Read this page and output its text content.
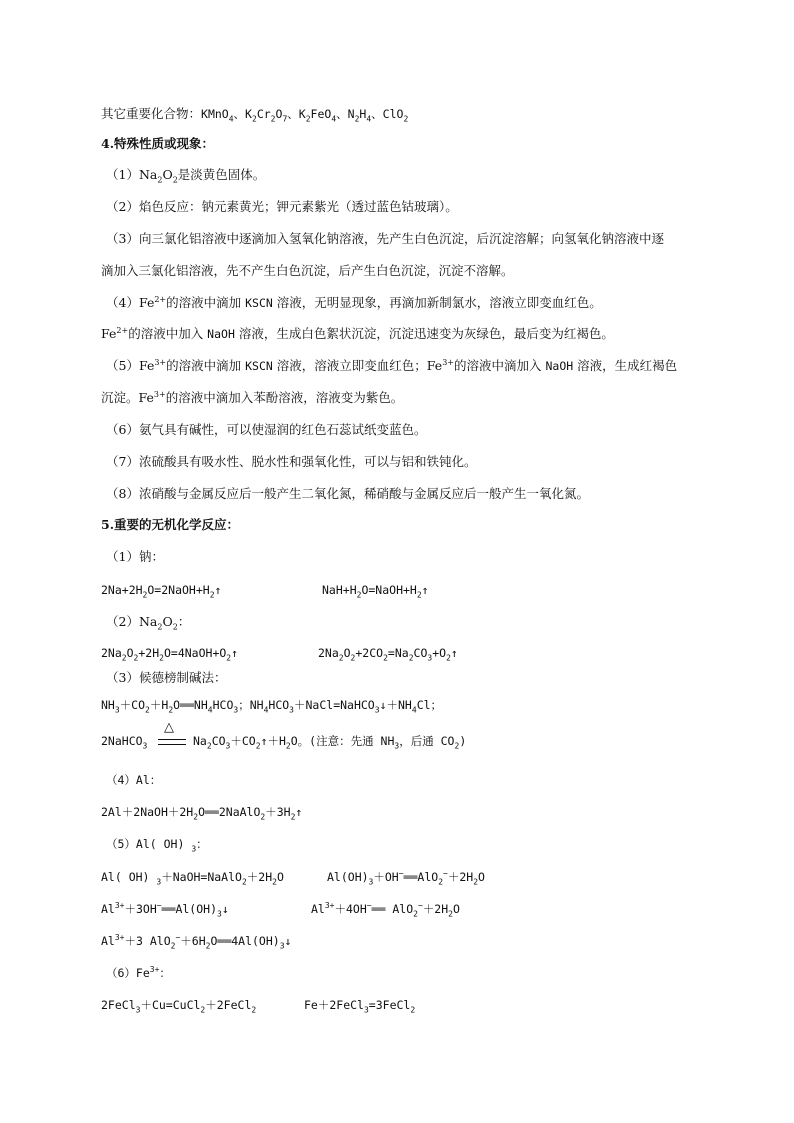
其它重要化合物：KMnO$_4$、$K_2Cr_2O_7$、$K_2FeO_4$、$N_2H_4$、ClO$_2$
4.特殊性质或现象：
$(1)Na_2O_2$是淡黄色固体。
（2）焰色反应：钠元素黄光；钾元素紫光（透过蓝色钴玻璃）。
（3）向三氯化铝溶液中逐滴加入氢氧化钠溶液，先产生白色沉淀，后沉淀溶解；向氢氧化钠溶液中逐
滴加入三氯化铝溶液，先不产生白色沉淀，后产生白色沉淀，沉淀不溶解。
$(4)Fe^{2+}$的溶液中滴加 KSCN 溶液，无明显现象，再滴加新制氯水，溶液立即变血红色。
$Fe^{2+}$的溶液中加入 NaOH 溶液，生成白色絮状沉淀，沉淀迅速变为灰绿色，最后变为红褐色。
$(5)Fe^{3+}$的溶液中滴加 KSCN 溶液，溶液立即变血红色；$Fe^{3+}$的溶液中滴加入 NaOH 溶液，生成红褐色
沉淀。$Fe^{3+}$的溶液中滴加入苯酚溶液，溶液变为紫色。
（6）氨气具有碱性，可以使湿润的红色石蕊试纸变蓝色。
（7）浓硫酸具有吸水性、脱水性和强氧化性，可以与铝和铁钝化。
（8）浓硝酸与金属反应后一般产生二氧化氮，稀硝酸与金属反应后一般产生一氧化氮。
5.重要的无机化学反应：
（1）钠：
$2Na+2H_2O=2NaOH+H_2↑$	$NaH+H_2O=NaOH+H_2↑$
$(2)Na_2O_2$：
$2Na_2O_2+2H_2O=4NaOH+O_2↑$	$2Na_2O_2+2CO_2=Na_2CO_3+O_2↑$
（3）候德榜制碱法：
$NH_3+CO_2+H_2O══NH_4HCO_3$；$NH_4HCO_3+NaCl=NaHCO_3↓+NH_4Cl$；
2NaHCO$_3$
△
$Na_2CO_3+CO_2↑+H_2O$。(注意：先通 $NH_3$，后通 $CO_2$)
（4）Al：
$2Al+2NaOH+2H_2O══2NaAlO_2+3H_2↑$
（5）Al( OH) $_3$：
Al( OH) $_3+NaOH=NaAlO_2+2H_2O$	$Al(OH)_3+OH^-══AlO_2^-+2H_2O$
$Al^{3+}+3OH^-══Al(OH)_3↓$	$Al^{3+}+4OH^-══$ $AlO_2^-+2H_2O$
$Al^{3+}+3$ $AlO_2^-+6H_2O══4Al(OH)_3↓$
$(6)Fe^{3+}$：
2FeCl$_3$＋Cu=CuCl$_2$＋2FeCl$_2$	Fe＋2FeCl$_3$=3FeCl$_2$
